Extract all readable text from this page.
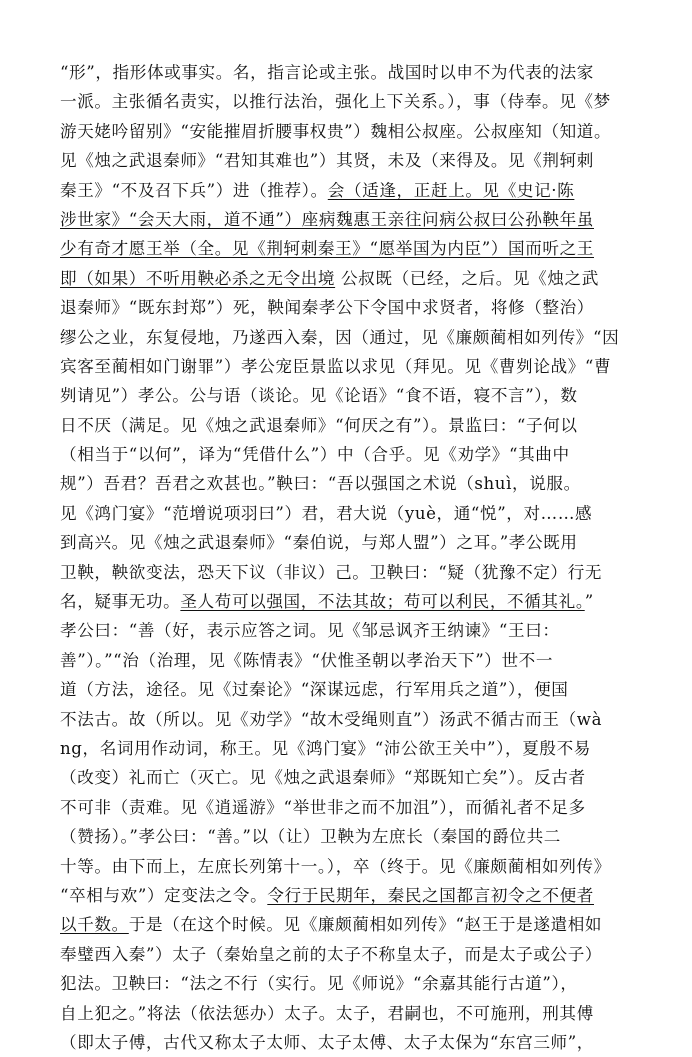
“形”，指形体或事实。名，指言论或主张。战国时以申不为代表的法家
一派。主张循名责实，以推行法治，强化上下关系。），事（侍奉。见《梦
游天姥吟留别》“安能摧眉折腰事权贵”）魏相公叔座。公叔座知（知道。
见《烛之武退秦师》“君知其难也”）其贤，未及（来得及。见《荆轲刺
秦王》“不及召下兵”）进（推荐）。会（适逢，正赶上。见《史记·陈
涉世家》“会天大雨，道不通”）座病魏惠王亲往问病公叔曰公孙鞅年虽
少有奇才愿王举（全。见《荆轲刺秦王》“愿举国为内臣”）国而听之王
即（如果）不听用鞅必杀之无令出境 公叔既（已经，之后。见《烛之武
退秦师》“既东封郑”）死，鞅闻秦孝公下令国中求贤者，将修（整治）
缪公之业，东复侵地，乃遂西入秦，因（通过，见《廉颇蔺相如列传》“因
宾客至蔺相如门谢罪”）孝公宠臣景监以求见（拜见。见《曹刿论战》“曹
刿请见”）孝公。公与语（谈论。见《论语》“食不语，寝不言”），数
日不厌（满足。见《烛之武退秦师》“何厌之有”）。景监曰：“子何以
（相当于“以何”，译为“凭借什么”）中（合乎。见《劝学》“其曲中
规”）吾君？吾君之欢甚也。”鞅曰：“吾以强国之术说（shuì，说服。
见《鸿门宴》“范增说项羽曰”）君，君大说（yuè，通“悦”，对……感
到高兴。见《烛之武退秦师》“秦伯说，与郑人盟”）之耳。”孝公既用
卫鞅，鞅欲变法，恐天下议（非议）己。卫鞅曰：“疑（犹豫不定）行无
名，疑事无功。圣人苟可以强国，不法其故；苟可以利民，不循其礼。”
孝公曰：“善（好，表示应答之词。见《邹忌讽齐王纳谏》“王曰：
善”）。”“治（治理，见《陈情表》“伏惟圣朝以孝治天下”）世不一
道（方法，途径。见《过秦论》“深谋远虑，行军用兵之道”），便国
不法古。故（所以。见《劝学》“故木受绳则直”）汤武不循古而王（wà
ng，名词用作动词，称王。见《鸿门宴》“沛公欲王关中”），夏殷不易
（改变）礼而亡（灭亡。见《烛之武退秦师》“郑既知亡矣”）。反古者
不可非（责难。见《逍遥游》“举世非之而不加沮”），而循礼者不足多
（赞扬）。”孝公曰：“善。”以（让）卫鞅为左庶长（秦国的爵位共二
十等。由下而上，左庶长列第十一。），卒（终于。见《廉颇蔺相如列传》
“卒相与欢”）定变法之令。令行于民期年，秦民之国都言初令之不便者
以千数。于是（在这个时候。见《廉颇蔺相如列传》“赵王于是遂遣相如
奉璧西入秦”）太子（秦始皇之前的太子不称皇太子，而是太子或公子）
犯法。卫鞅曰：“法之不行（实行。见《师说》“余嘉其能行古道”），
自上犯之。”将法（依法惩办）太子。太子，君嗣也，不可施刑，刑其傅
（即太子傅，古代又称太子太师、太子太傅、太子太保为“东宫三师”，
